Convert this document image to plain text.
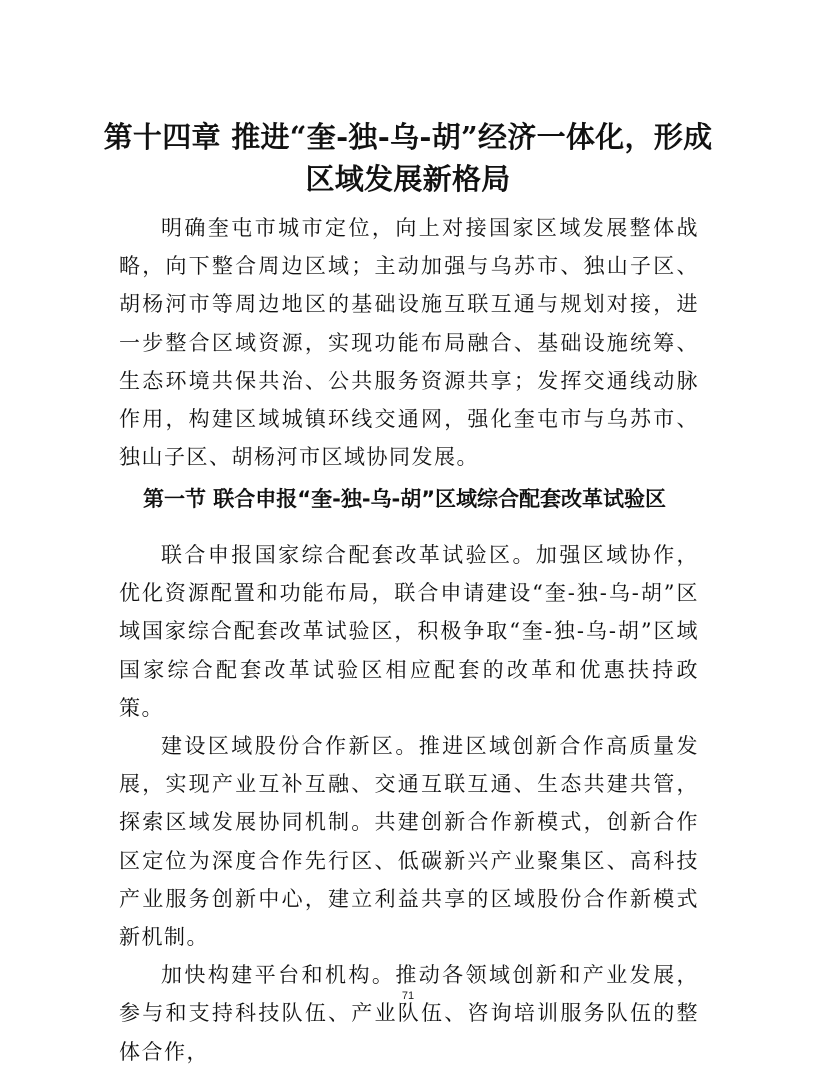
第十四章 推进“奎-独-乌-胡”经济一体化，形成区域发展新格局

明确奎屯市城市定位，向上对接国家区域发展整体战略，向下整合周边区域；主动加强与乌苏市、独山子区、胡杨河市等周边地区的基础设施互联互通与规划对接，进一步整合区域资源，实现功能布局融合、基础设施统筹、生态环境共保共治、公共服务资源共享；发挥交通线动脉作用，构建区域城镇环线交通网，强化奎屯市与乌苏市、独山子区、胡杨河市区域协同发展。

第一节 联合申报“奎-独-乌-胡”区域综合配套改革试验区

联合申报国家综合配套改革试验区。加强区域协作，优化资源配置和功能布局，联合申请建设“奎-独-乌-胡”区域国家综合配套改革试验区，积极争取“奎-独-乌-胡”区域国家综合配套改革试验区相应配套的改革和优惠扶持政策。

建设区域股份合作新区。推进区域创新合作高质量发展，实现产业互补互融、交通互联互通、生态共建共管，探索区域发展协同机制。共建创新合作新模式，创新合作区定位为深度合作先行区、低碳新兴产业聚集区、高科技产业服务创新中心，建立利益共享的区域股份合作新模式新机制。

加快构建平台和机构。推动各领域创新和产业发展，参与和支持科技队伍、产业队伍、咨询培训服务队伍的整体合作，

71
